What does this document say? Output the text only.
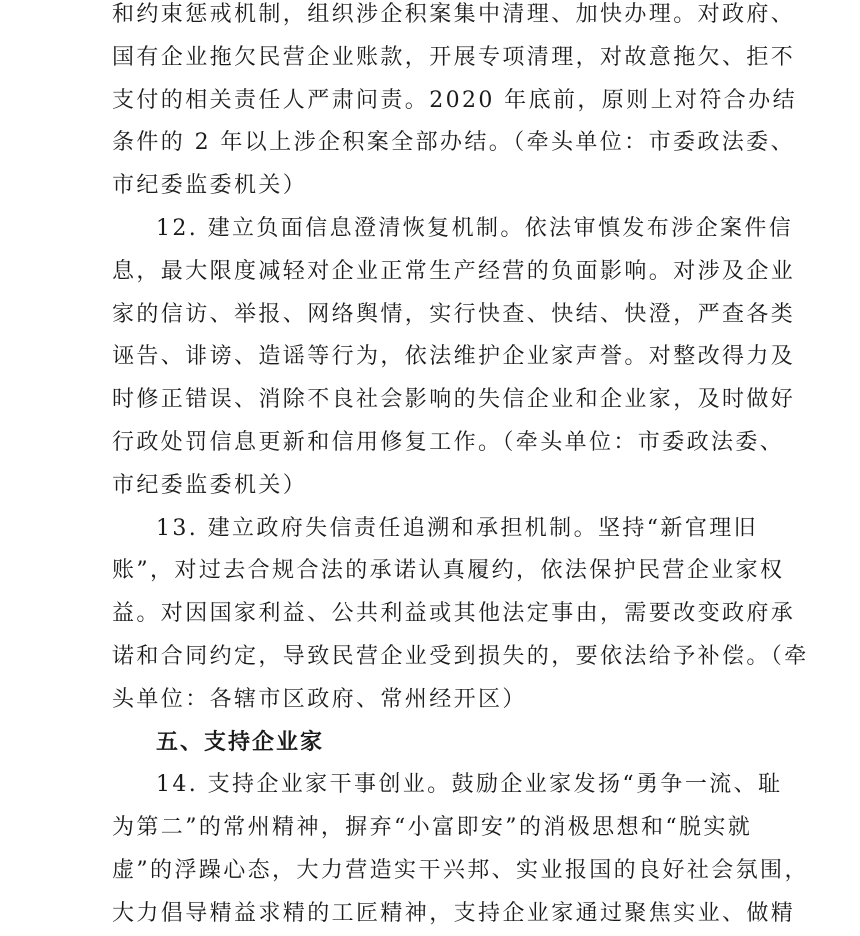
和约束惩戒机制，组织涉企积案集中清理、加快办理。对政府、
国有企业拖欠民营企业账款，开展专项清理，对故意拖欠、拒不
支付的相关责任人严肃问责。2020 年底前，原则上对符合办结
条件的 2 年以上涉企积案全部办结。（牵头单位：市委政法委、
市纪委监委机关）
12. 建立负面信息澄清恢复机制。依法审慎发布涉企案件信
息，最大限度减轻对企业正常生产经营的负面影响。对涉及企业
家的信访、举报、网络舆情，实行快查、快结、快澄，严查各类
诬告、诽谤、造谣等行为，依法维护企业家声誉。对整改得力及
时修正错误、消除不良社会影响的失信企业和企业家，及时做好
行政处罚信息更新和信用修复工作。（牵头单位：市委政法委、
市纪委监委机关）
13. 建立政府失信责任追溯和承担机制。坚持“新官理旧
账”，对过去合规合法的承诺认真履约，依法保护民营企业家权
益。对因国家利益、公共利益或其他法定事由，需要改变政府承
诺和合同约定，导致民营企业受到损失的，要依法给予补偿。（牵
头单位：各辖市区政府、常州经开区）
五、支持企业家
14. 支持企业家干事创业。鼓励企业家发扬“勇争一流、耻
为第二”的常州精神，摒弃“小富即安”的消极思想和“脱实就
虚”的浮躁心态，大力营造实干兴邦、实业报国的良好社会氛围，
大力倡导精益求精的工匠精神，支持企业家通过聚焦实业、做精
